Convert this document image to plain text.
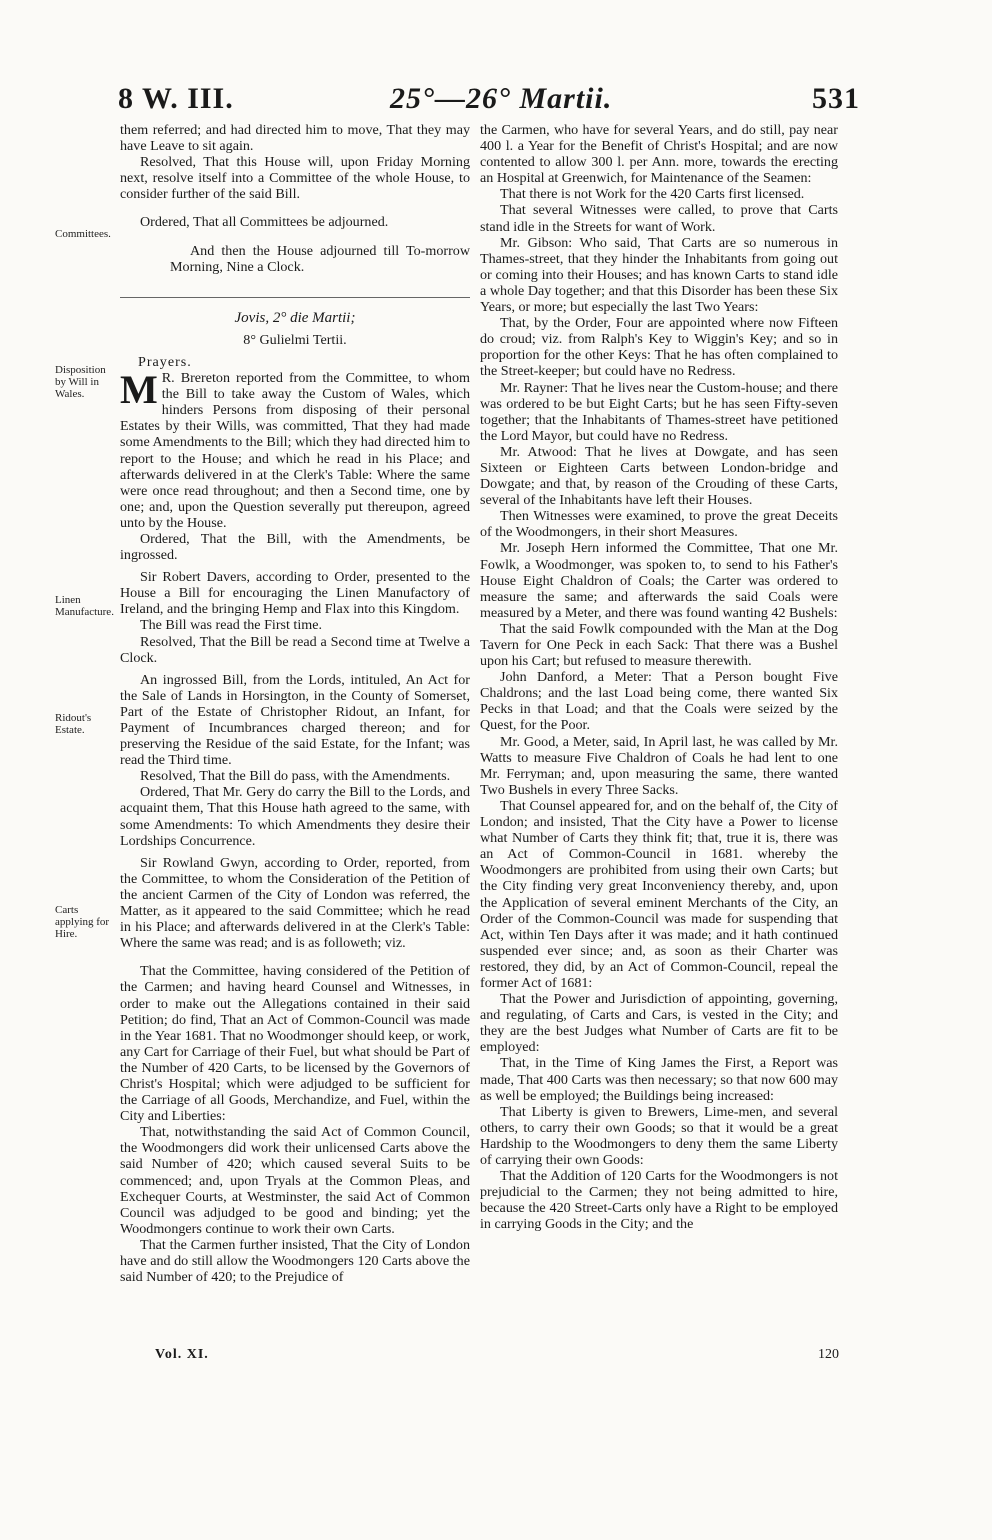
8 W. III.	25°—26° Martii.	531
Committees.
Disposition by Will in Wales.
Linen Manufacture.
Ridout's Estate.
Carts applying for Hire.

them referred; and had directed him to move, That they may have Leave to sit again.

Resolved, That this House will, upon Friday Morning next, resolve itself into a Committee of the whole House, to consider further of the said Bill.

Ordered, That all Committees be adjourned.

And then the House adjourned till To-morrow Morning, Nine a Clock.

Jovis, 2° die Martii;

8° Gulielmi Tertii.

Prayers.

M R. Brereton reported from the Committee, to whom the Bill to take away the Custom of Wales, which hinders Persons from disposing of their personal Estates by their Wills, was committed, That they had made some Amendments to the Bill; which they had directed him to report to the House; and which he read in his Place; and afterwards delivered in at the Clerk's Table: Where the same were once read throughout; and then a Second time, one by one; and, upon the Question severally put thereupon, agreed unto by the House.

Ordered, That the Bill, with the Amendments, be ingrossed.

Sir Robert Davers, according to Order, presented to the House a Bill for encouraging the Linen Manufactory of Ireland, and the bringing Hemp and Flax into this Kingdom.

The Bill was read the First time.

Resolved, That the Bill be read a Second time at Twelve a Clock.

An ingrossed Bill, from the Lords, intituled, An Act for the Sale of Lands in Horsington, in the County of Somerset, Part of the Estate of Christopher Ridout, an Infant, for Payment of Incumbrances charged thereon; and for preserving the Residue of the said Estate, for the Infant; was read the Third time.

Resolved, That the Bill do pass, with the Amendments.

Ordered, That Mr. Gery do carry the Bill to the Lords, and acquaint them, That this House hath agreed to the same, with some Amendments: To which Amendments they desire their Lordships Concurrence.

Sir Rowland Gwyn, according to Order, reported, from the Committee, to whom the Consideration of the Petition of the ancient Carmen of the City of London was referred, the Matter, as it appeared to the said Committee; which he read in his Place; and afterwards delivered in at the Clerk's Table: Where the same was read; and is as followeth; viz.

That the Committee, having considered of the Petition of the Carmen; and having heard Counsel and Witnesses, in order to make out the Allegations contained in their said Petition; do find, That an Act of Common-Council was made in the Year 1681. That no Woodmonger should keep, or work, any Cart for Carriage of their Fuel, but what should be Part of the Number of 420 Carts, to be licensed by the Governors of Christ's Hospital; which were adjudged to be sufficient for the Carriage of all Goods, Merchandize, and Fuel, within the City and Liberties:

That, notwithstanding the said Act of Common Council, the Woodmongers did work their unlicensed Carts above the said Number of 420; which caused several Suits to be commenced; and, upon Tryals at the Common Pleas, and Exchequer Courts, at Westminster, the said Act of Common Council was adjudged to be good and binding; yet the Woodmongers continue to work their own Carts.

That the Carmen further insisted, That the City of London have and do still allow the Woodmongers 120 Carts above the said Number of 420; to the Prejudice of

the Carmen, who have for several Years, and do still, pay near 400 l. a Year for the Benefit of Christ's Hospital; and are now contented to allow 300 l. per Ann. more, towards the erecting an Hospital at Greenwich, for Maintenance of the Seamen:

That there is not Work for the 420 Carts first licensed.

That several Witnesses were called, to prove that Carts stand idle in the Streets for want of Work.

Mr. Gibson: Who said, That Carts are so numerous in Thames-street, that they hinder the Inhabitants from going out or coming into their Houses; and has known Carts to stand idle a whole Day together; and that this Disorder has been these Six Years, or more; but especially the last Two Years:

That, by the Order, Four are appointed where now Fifteen do croud; viz. from Ralph's Key to Wiggin's Key; and so in proportion for the other Keys: That he has often complained to the Street-keeper; but could have no Redress.

Mr. Rayner: That he lives near the Custom-house; and there was ordered to be but Eight Carts; but he has seen Fifty-seven together; that the Inhabitants of Thames-street have petitioned the Lord Mayor, but could have no Redress.

Mr. Atwood: That he lives at Dowgate, and has seen Sixteen or Eighteen Carts between London-bridge and Dowgate; and that, by reason of the Crouding of these Carts, several of the Inhabitants have left their Houses.

Then Witnesses were examined, to prove the great Deceits of the Woodmongers, in their short Measures.

Mr. Joseph Hern informed the Committee, That one Mr. Fowlk, a Woodmonger, was spoken to, to send to his Father's House Eight Chaldron of Coals; the Carter was ordered to measure the same; and afterwards the said Coals were measured by a Meter, and there was found wanting 42 Bushels:

That the said Fowlk compounded with the Man at the Dog Tavern for One Peck in each Sack: That there was a Bushel upon his Cart; but refused to measure therewith.

John Danford, a Meter: That a Person bought Five Chaldrons; and the last Load being come, there wanted Six Pecks in that Load; and that the Coals were seized by the Quest, for the Poor.

Mr. Good, a Meter, said, In April last, he was called by Mr. Watts to measure Five Chaldron of Coals he had lent to one Mr. Ferryman; and, upon measuring the same, there wanted Two Bushels in every Three Sacks.

That Counsel appeared for, and on the behalf of, the City of London; and insisted, That the City have a Power to license what Number of Carts they think fit; that, true it is, there was an Act of Common-Council in 1681. whereby the Woodmongers are prohibited from using their own Carts; but the City finding very great Inconveniency thereby, and, upon the Application of several eminent Merchants of the City, an Order of the Common-Council was made for suspending that Act, within Ten Days after it was made; and it hath continued suspended ever since; and, as soon as their Charter was restored, they did, by an Act of Common-Council, repeal the former Act of 1681:

That the Power and Jurisdiction of appointing, governing, and regulating, of Carts and Cars, is vested in the City; and they are the best Judges what Number of Carts are fit to be employed:

That, in the Time of King James the First, a Report was made, That 400 Carts was then necessary; so that now 600 may as well be employed; the Buildings being increased:

That Liberty is given to Brewers, Lime-men, and several others, to carry their own Goods; so that it would be a great Hardship to the Woodmongers to deny them the same Liberty of carrying their own Goods:

That the Addition of 120 Carts for the Woodmongers is not prejudicial to the Carmen; they not being admitted to hire, because the 420 Street-Carts only have a Right to be employed in carrying Goods in the City; and the

Vol. XI.	120
